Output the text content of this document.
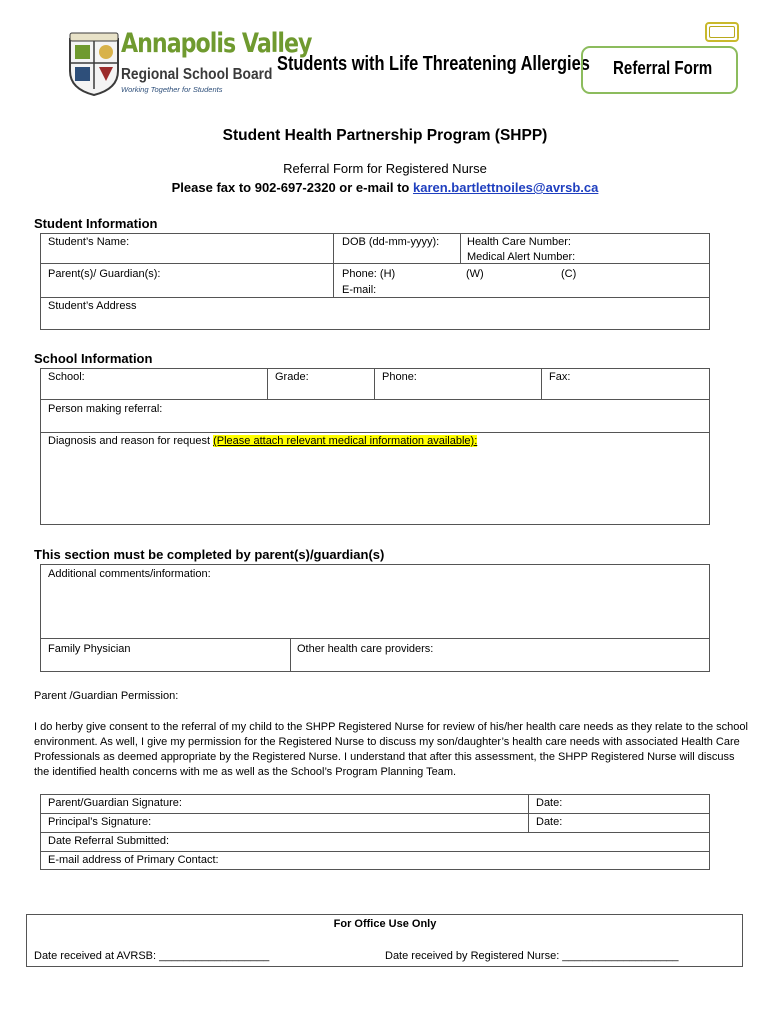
Annapolis Valley
Regional School Board
Working Together for Students
Students with Life Threatening Allergies Referral Form
Student Health Partnership Program (SHPP)
Referral Form for Registered Nurse
Please fax to 902-697-2320 or e-mail to karen.bartlettnoiles@avrsb.ca
Student Information
Student’s Name:	DOB (dd-mm-yyyy):	Health Care Number:
Medical Alert Number:
Parent(s)/ Guardian(s):	Phone: (H)	(W)	(C)
E-mail:
Student’s Address
School Information
School:	Grade:	Phone:	Fax:
Person making referral:
Diagnosis and reason for request (Please attach relevant medical information available):
This section must be completed by parent(s)/guardian(s)
Additional comments/information:
Family Physician	Other health care providers:
Parent /Guardian Permission:
I do herby give consent to the referral of my child to the SHPP Registered Nurse for review of his/her health care needs as they relate to the school environment. As well, I give my permission for the Registered Nurse to discuss my son/daughter’s health care needs with associated Health Care Professionals as deemed appropriate by the Registered Nurse. I understand that after this assessment, the SHPP Registered Nurse will discuss the identified health concerns with me as well as the School’s Program Planning Team.
Parent/Guardian Signature:	Date:
Principal’s Signature:	Date:
Date Referral Submitted:
E-mail address of Primary Contact:
For Office Use Only
Date received at AVRSB: __________________	Date received by Registered Nurse: ___________________
